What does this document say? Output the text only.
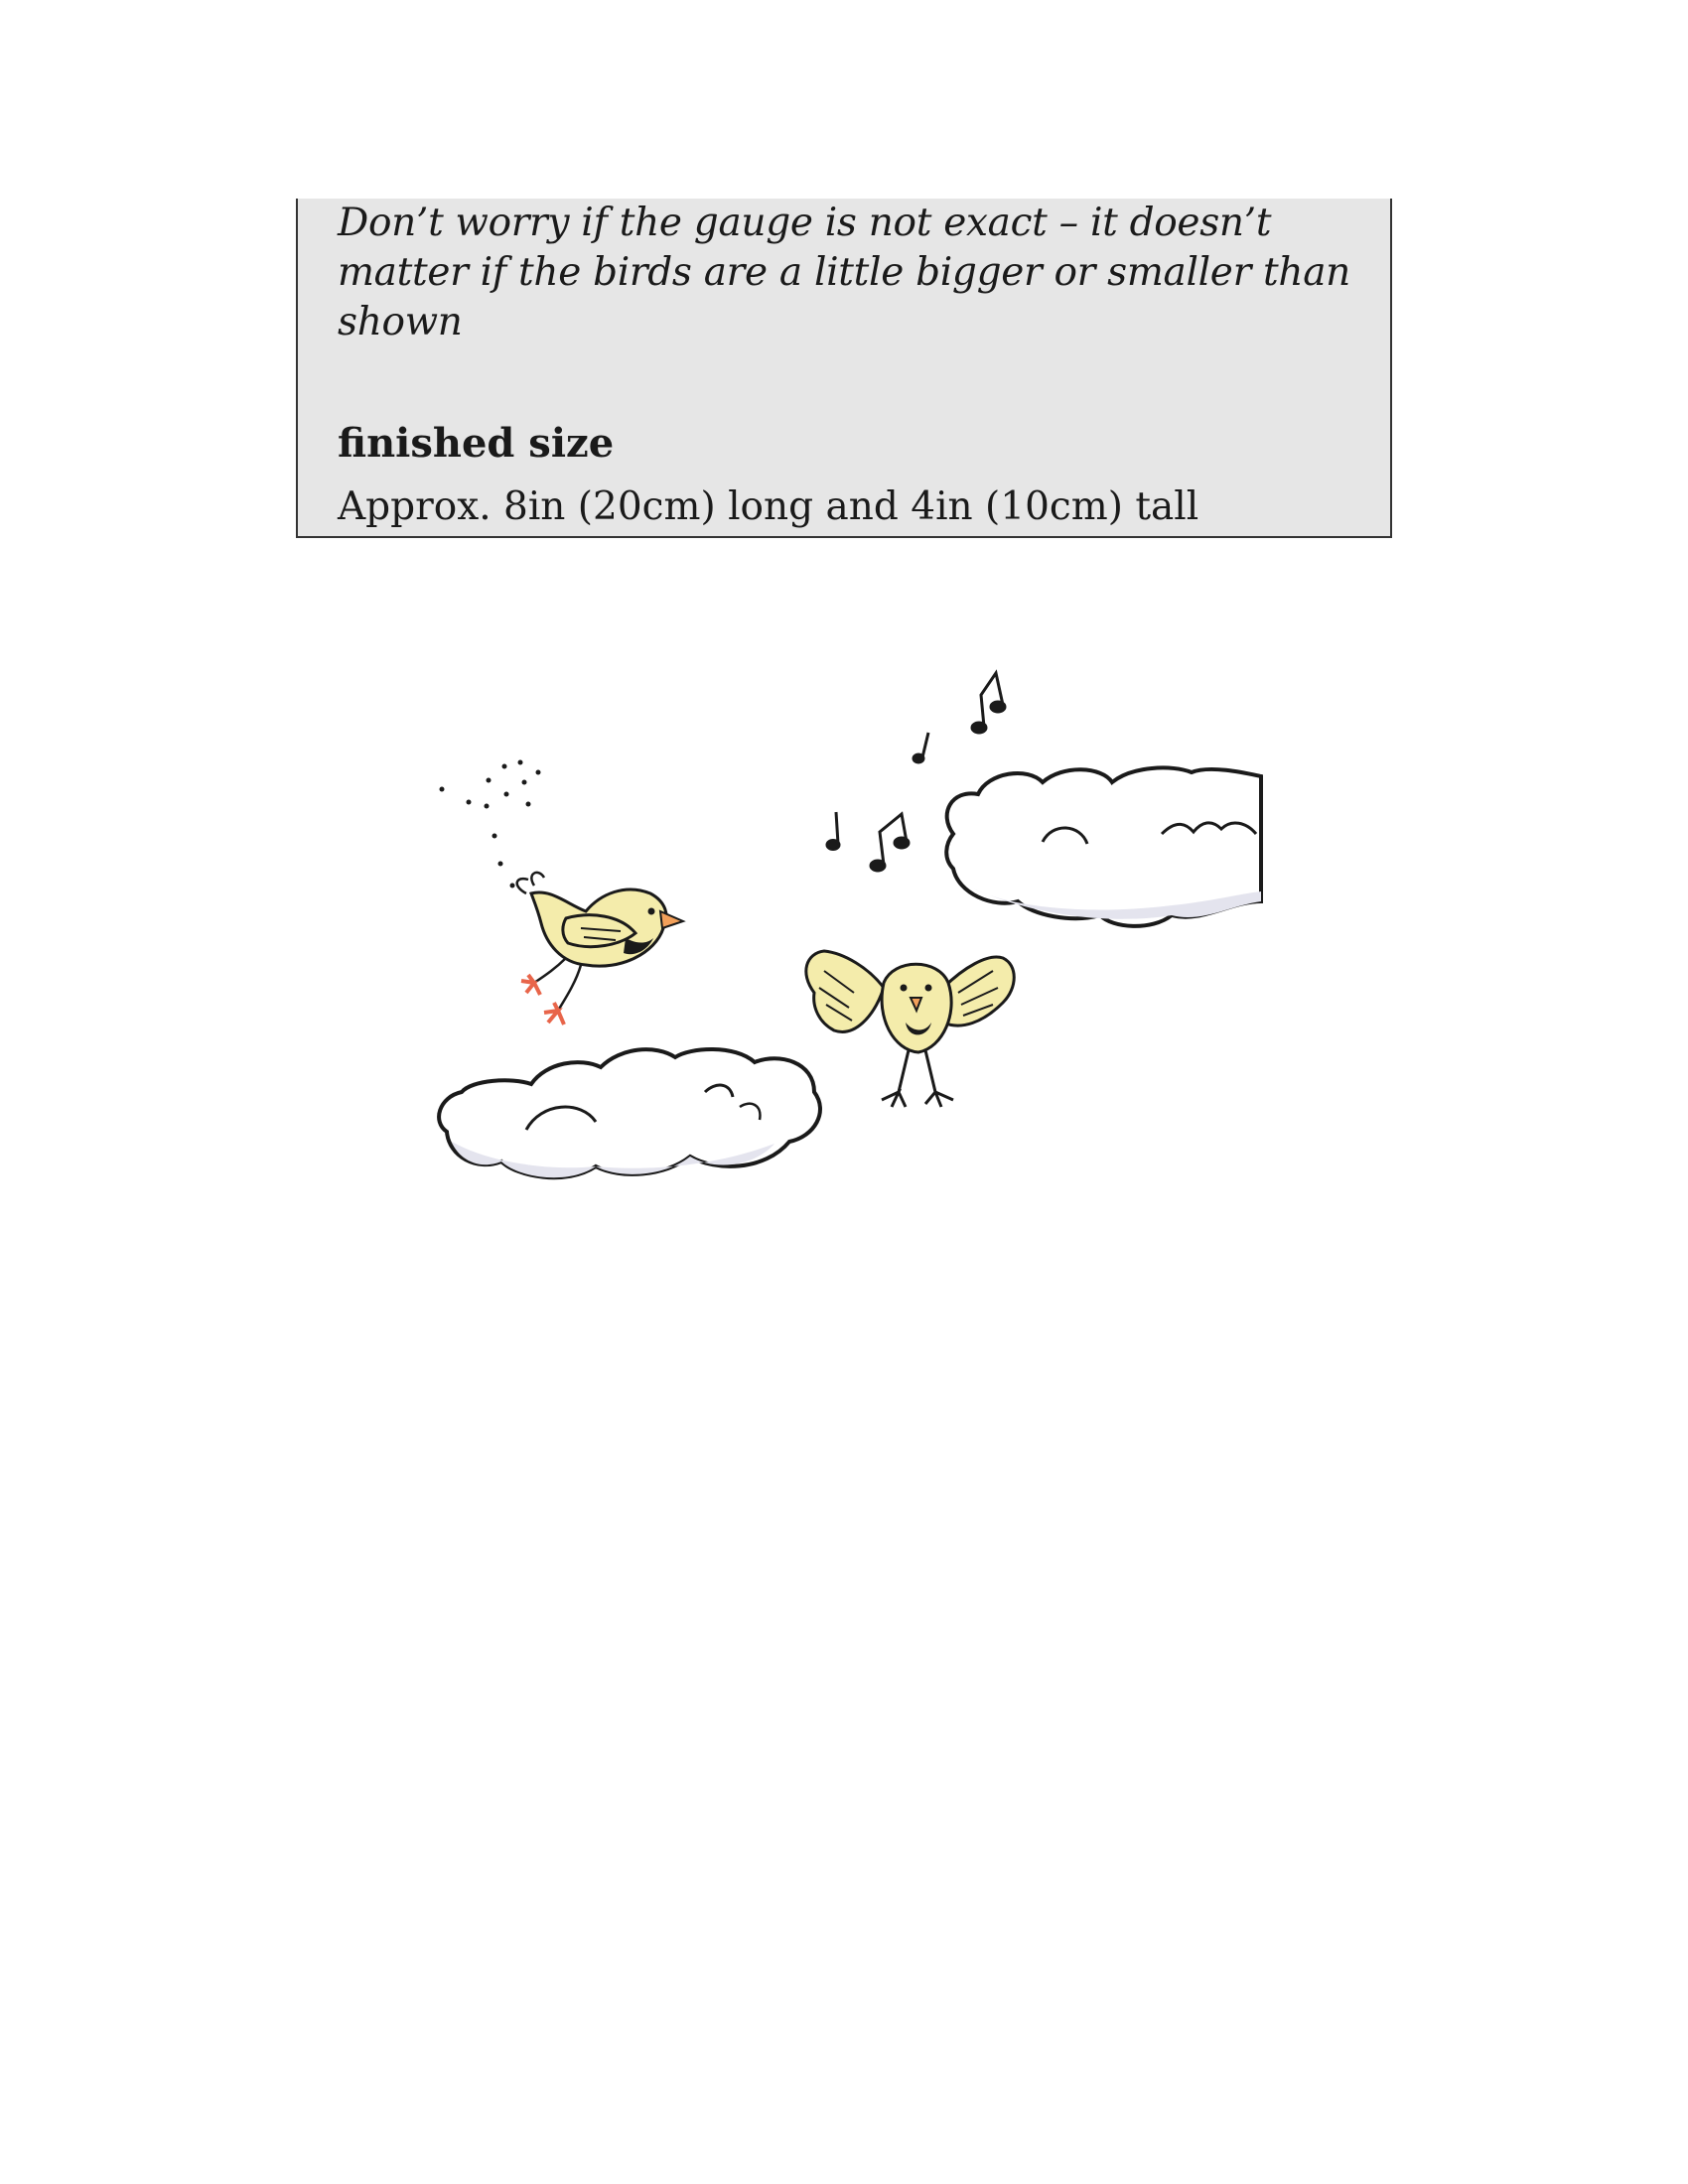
Don’t worry if the gauge is not exact – it doesn’t matter if the birds are a little bigger or smaller than shown

finished size

Approx. 8in (20cm) long and 4in (10cm) tall
